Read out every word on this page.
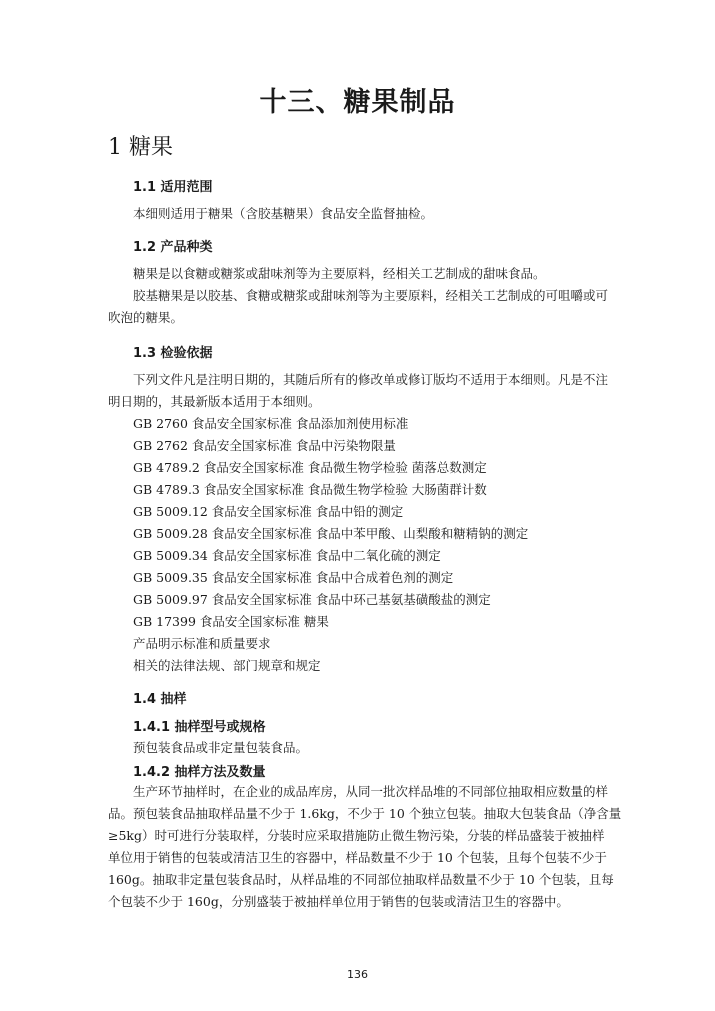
十三、糖果制品
1 糖果
1.1 适用范围
本细则适用于糖果（含胶基糖果）食品安全监督抽检。
1.2 产品种类
糖果是以食糖或糖浆或甜味剂等为主要原料，经相关工艺制成的甜味食品。
胶基糖果是以胶基、食糖或糖浆或甜味剂等为主要原料，经相关工艺制成的可咀嚼或可
吹泡的糖果。
1.3 检验依据
下列文件凡是注明日期的，其随后所有的修改单或修订版均不适用于本细则。凡是不注
明日期的，其最新版本适用于本细则。
GB 2760 食品安全国家标准 食品添加剂使用标准
GB 2762 食品安全国家标准 食品中污染物限量
GB 4789.2 食品安全国家标准 食品微生物学检验 菌落总数测定
GB 4789.3 食品安全国家标准 食品微生物学检验 大肠菌群计数
GB 5009.12 食品安全国家标准 食品中铅的测定
GB 5009.28 食品安全国家标准 食品中苯甲酸、山梨酸和糖精钠的测定
GB 5009.34 食品安全国家标准 食品中二氧化硫的测定
GB 5009.35 食品安全国家标准 食品中合成着色剂的测定
GB 5009.97 食品安全国家标准 食品中环己基氨基磺酸盐的测定
GB 17399 食品安全国家标准 糖果
产品明示标准和质量要求
相关的法律法规、部门规章和规定
1.4 抽样
1.4.1 抽样型号或规格
预包装食品或非定量包装食品。
1.4.2 抽样方法及数量
生产环节抽样时，在企业的成品库房，从同一批次样品堆的不同部位抽取相应数量的样
品。预包装食品抽取样品量不少于 1.6kg，不少于 10 个独立包装。抽取大包装食品（净含量
≥5kg）时可进行分装取样，分装时应采取措施防止微生物污染，分装的样品盛装于被抽样
单位用于销售的包装或清洁卫生的容器中，样品数量不少于 10 个包装，且每个包装不少于
160g。抽取非定量包装食品时，从样品堆的不同部位抽取样品数量不少于 10 个包装，且每
个包装不少于 160g，分别盛装于被抽样单位用于销售的包装或清洁卫生的容器中。
136
